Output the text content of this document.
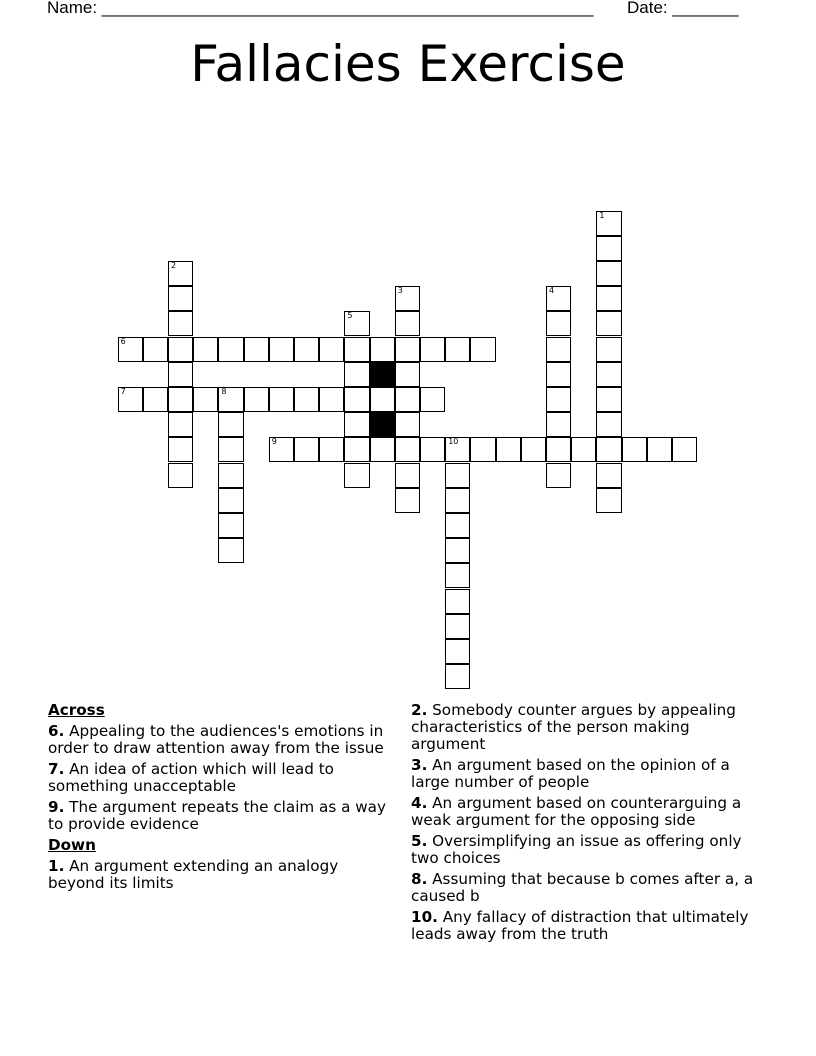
Name: ____________________________________________________ Date: _______
Fallacies Exercise
1
2
3	4
5
6
7	8
9	10
Across
6. Appealing to the audiences's emotions in order to draw attention away from the issue
7. An idea of action which will lead to something unacceptable
9. The argument repeats the claim as a way to provide evidence
Down
1. An argument extending an analogy beyond its limits
2. Somebody counter argues by appealing characteristics of the person making argument
3. An argument based on the opinion of a large number of people
4. An argument based on counterarguing a weak argument for the opposing side
5. Oversimplifying an issue as offering only two choices
8. Assuming that because b comes after a, a caused b
10. Any fallacy of distraction that ultimately leads away from the truth
